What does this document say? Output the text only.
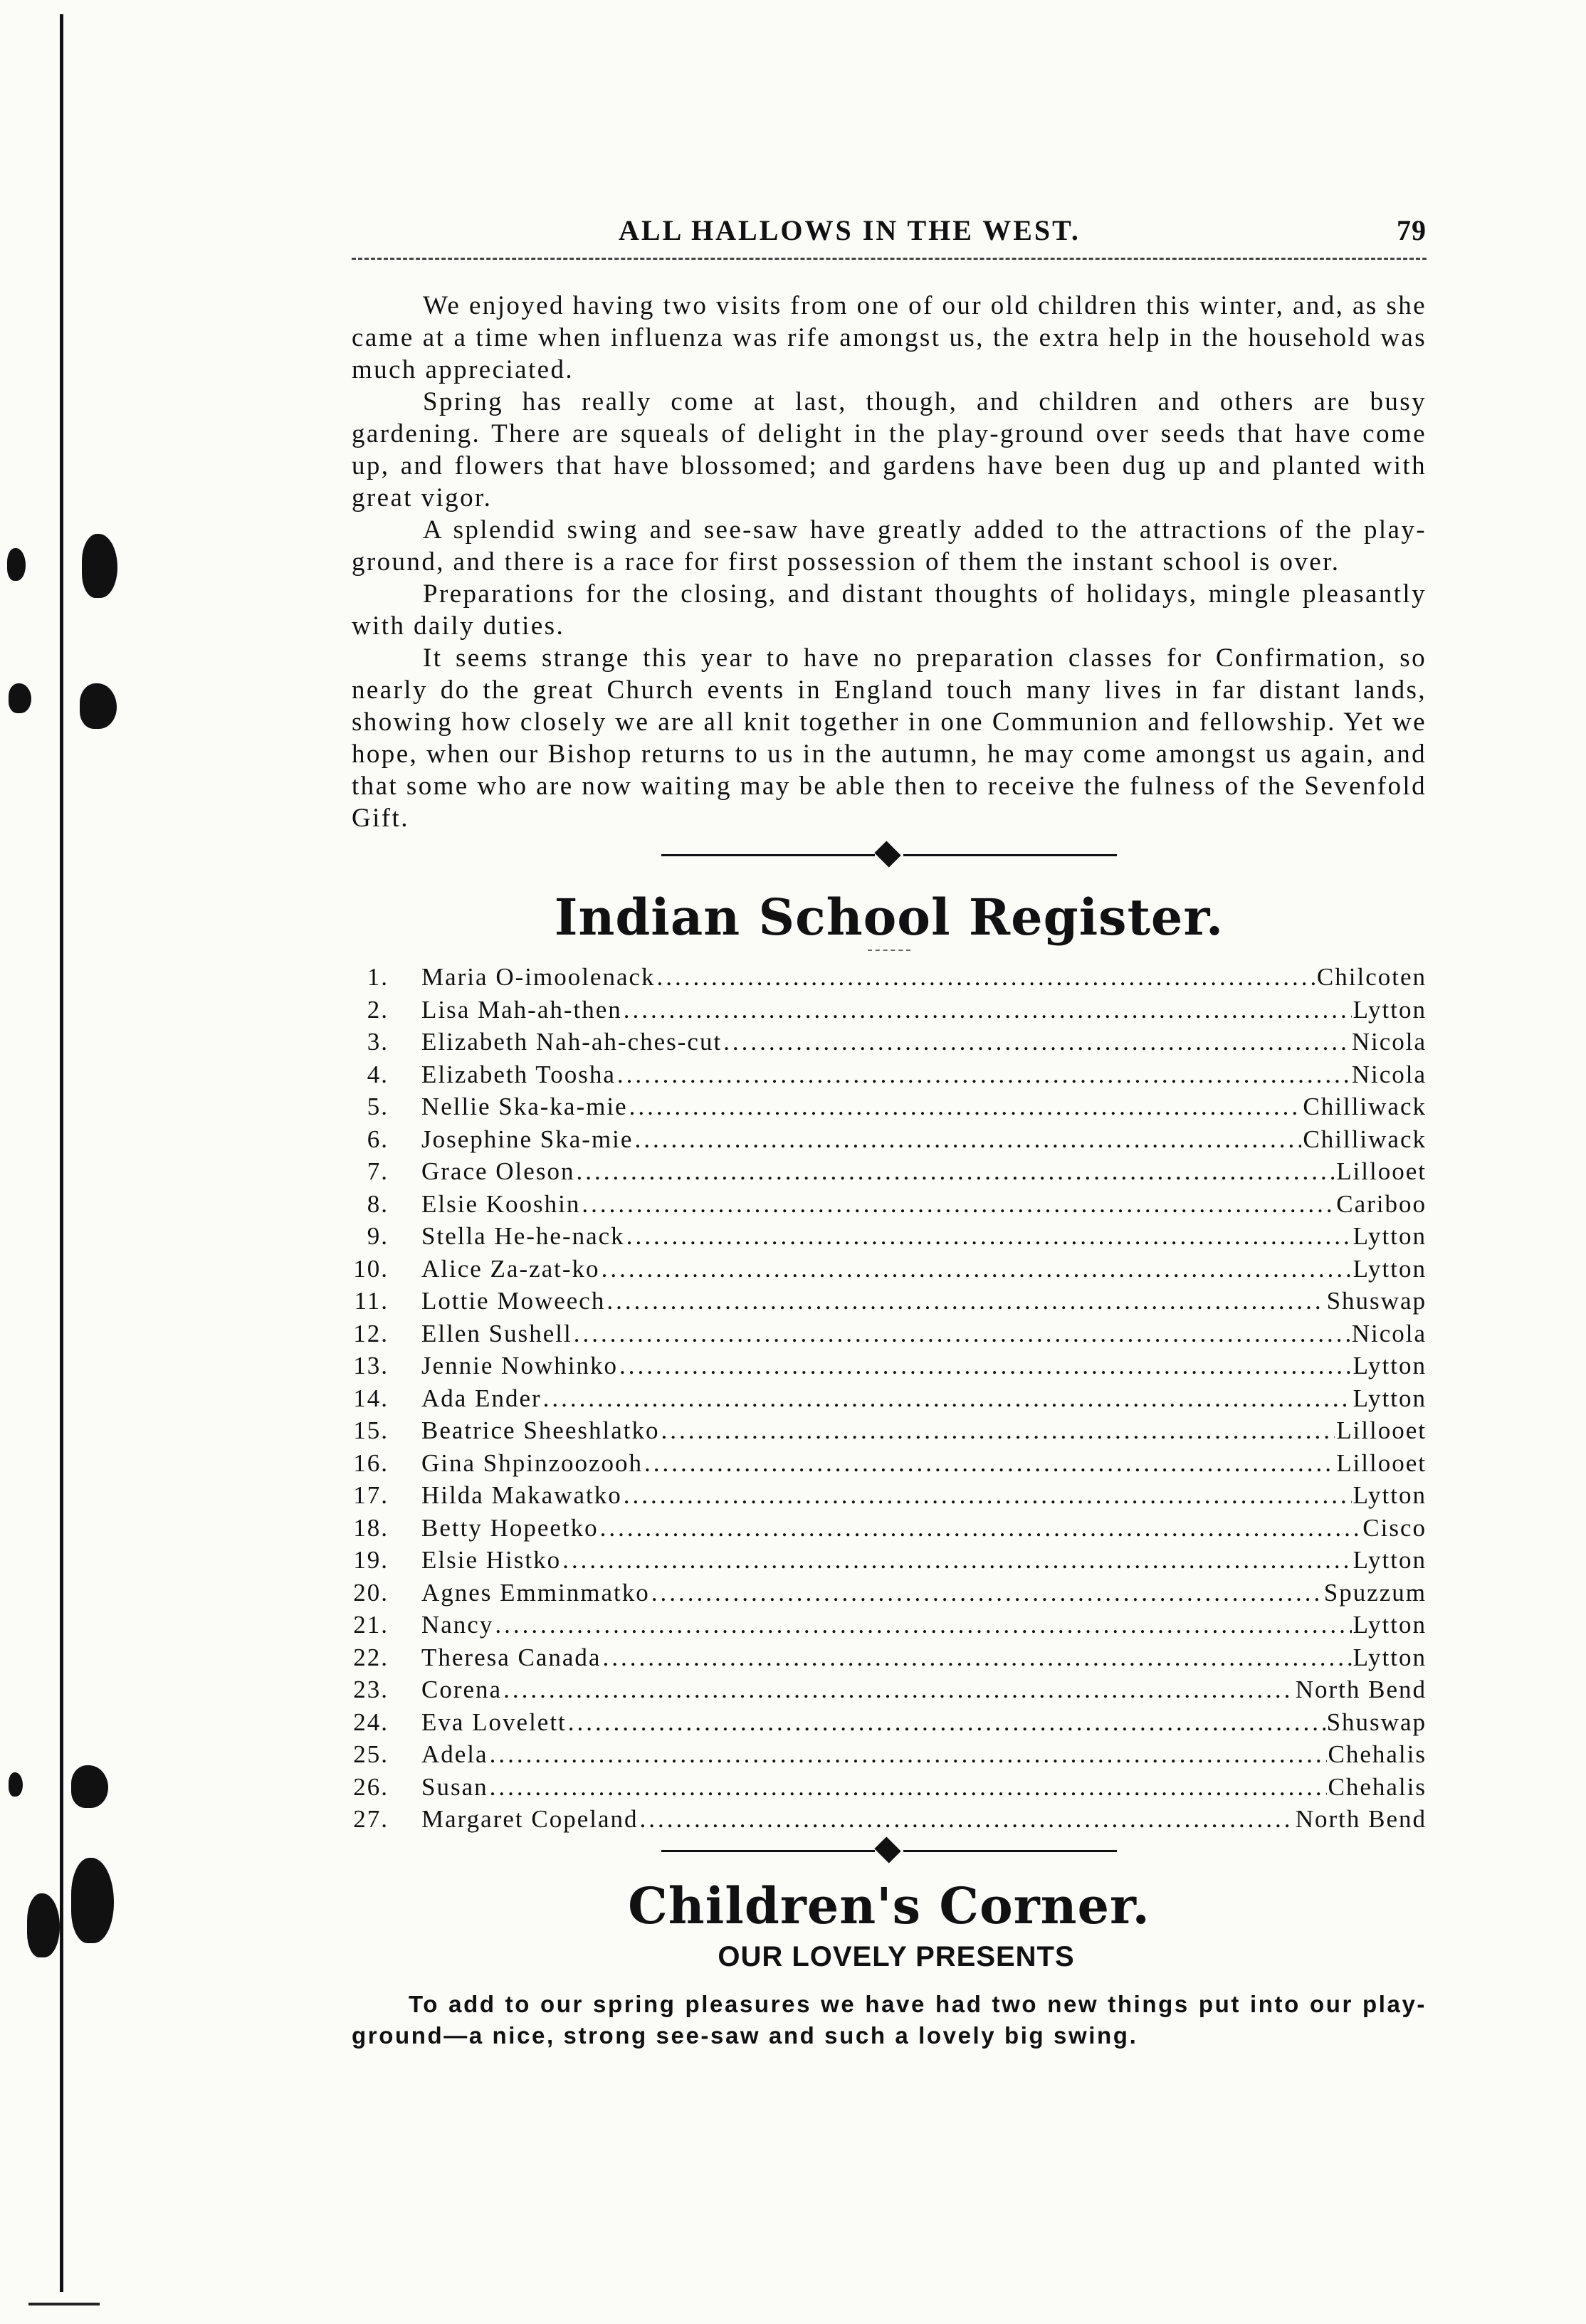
ALL HALLOWS IN THE WEST.	79

We enjoyed having two visits from one of our old children this winter, and, as she came at a time when influenza was rife amongst us, the extra help in the household was much appreciated.

Spring has really come at last, though, and children and others are busy gardening. There are squeals of delight in the play-ground over seeds that have come up, and flowers that have blossomed; and gardens have been dug up and planted with great vigor.

A splendid swing and see-saw have greatly added to the attractions of the play-ground, and there is a race for first possession of them the instant school is over.

Preparations for the closing, and distant thoughts of holidays, mingle pleasantly with daily duties.

It seems strange this year to have no preparation classes for Confirmation, so nearly do the great Church events in England touch many lives in far distant lands, showing how closely we are all knit together in one Communion and fellowship. Yet we hope, when our Bishop returns to us in the autumn, he may come amongst us again, and that some who are now waiting may be able then to receive the fulness of the Sevenfold Gift.

Indian School Register.
1. Maria O-imoolenack .....	Chilcoten
2. Lisa Mah-ah-then .....	Lytton
3. Elizabeth Nah-ah-ches-cut .....	Nicola
4. Elizabeth Toosha .....	Nicola
5. Nellie Ska-ka-mie .....	Chilliwack
6. Josephine Ska-mie .....	Chilliwack
7. Grace Oleson .....	Lillooet
8. Elsie Kooshin .....	Cariboo
9. Stella He-he-nack .....	Lytton
10. Alice Za-zat-ko .....	Lytton
11. Lottie Moweech .....	Shuswap
12. Ellen Sushell .....	Nicola
13. Jennie Nowhinko .....	Lytton
14. Ada Ender .....	Lytton
15. Beatrice Sheeshlatko .....	Lillooet
16. Gina Shpinzoozooh .....	Lillooet
17. Hilda Makawatko .....	Lytton
18. Betty Hopeetko .....	Cisco
19. Elsie Histko .....	Lytton
20. Agnes Emminmatko .....	Spuzzum
21. Nancy .....	Lytton
22. Theresa Canada .....	Lytton
23. Corena .....	North Bend
24. Eva Lovelett .....	Shuswap
25. Adela .....	Chehalis
26. Susan .....	Chehalis
27. Margaret Copeland .....	North Bend
Children's Corner.
OUR LOVELY PRESENTS

To add to our spring pleasures we have had two new things put into our play-ground—a nice, strong see-saw and such a lovely big swing.
